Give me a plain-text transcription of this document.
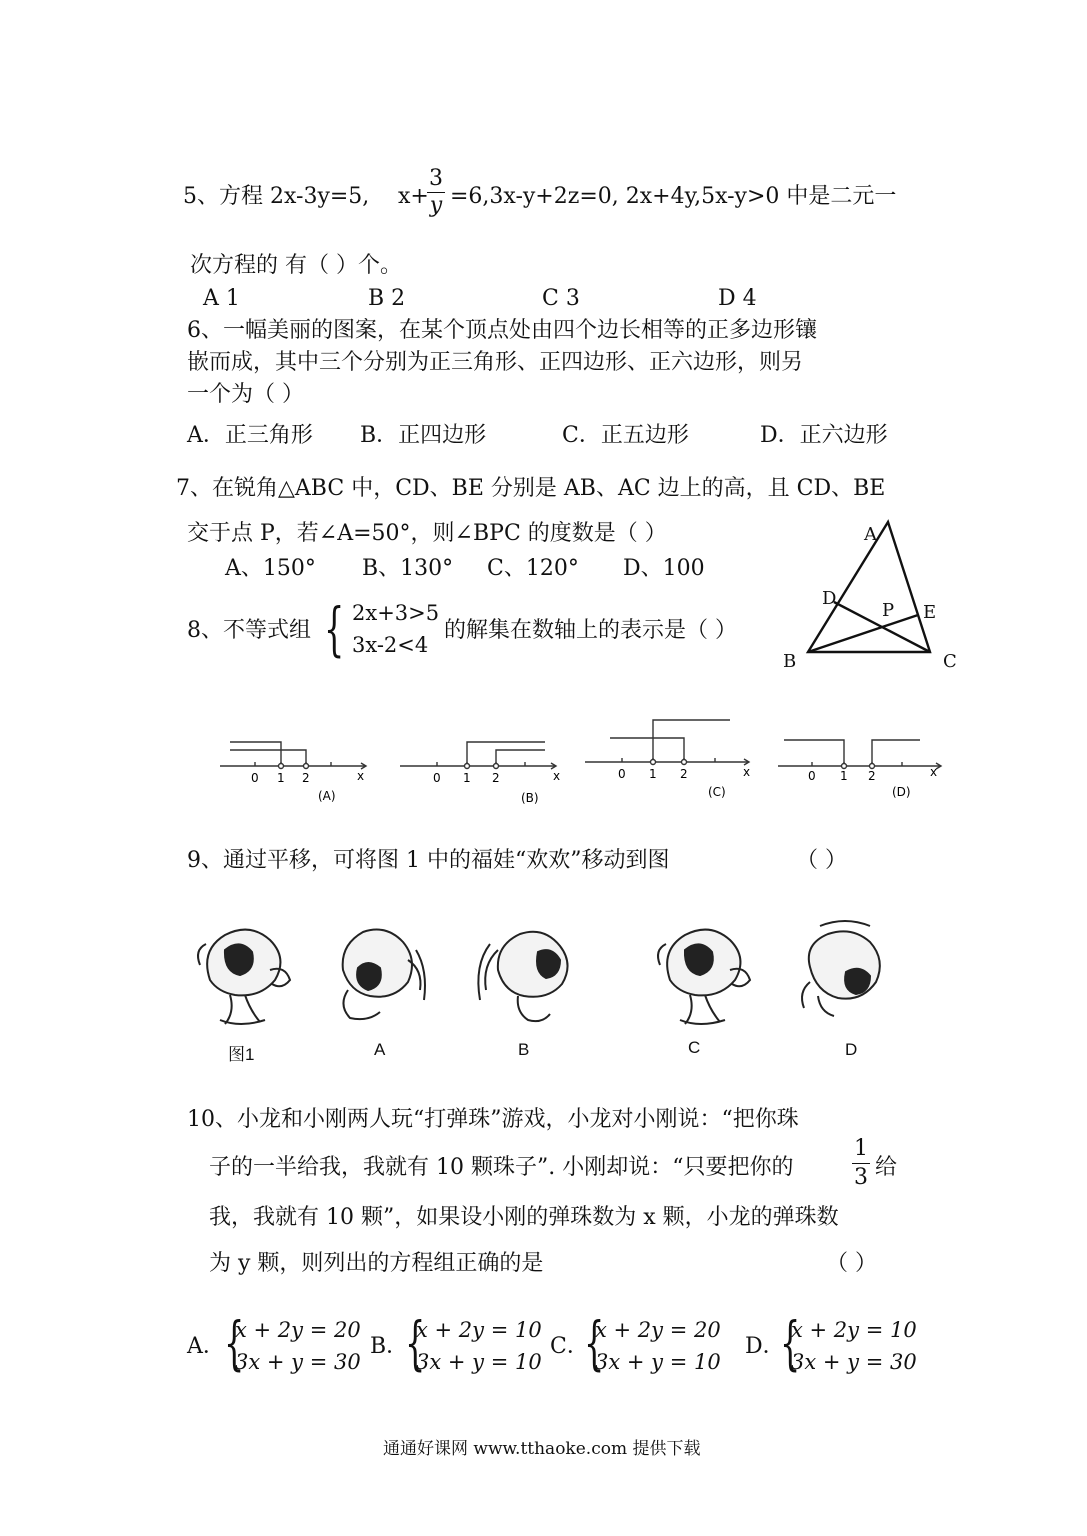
5、方程 2x-3y=5, x+
3
y =6,3x-y+2z=0, 2x+4y,5x-y>0 中是二元一
次方程的 有（ ）个。
A 1	B 2	C 3	D 4
6、一幅美丽的图案，在某个顶点处由四个边长相等的正多边形镶
嵌而成，其中三个分别为正三角形、正四边形、正六边形，则另
一个为（ ）
A．正三角形 B．正四边形	C．正五边形	D．正六边形
7、在锐角△ABC 中，CD、BE 分别是 AB、AC 边上的高，且 CD、BE
交于点 P，若∠A=50°，则∠BPC 的度数是（ ）
A、150° B、130° C、120° D、100
A
D
P E
B	C
8、不等式组 { 2x+3>5
3x-2<4
的解集在数轴上的表示是（ ）
0 1 2	x
(A)
0 1 2	x
(B)
0 1 2	x
(C)
0 1 2	x
(D)
9、通过平移，可将图 1 中的福娃“欢欢”移动到图	（ ）
图1	A	B	C	D
10、小龙和小刚两人玩“打弹珠”游戏，小龙对小刚说：“把你珠
子的一半给我，我就有 10 颗珠子”. 小刚却说：“只要把你的
1
3 给
我，我就有 10 颗”，如果设小刚的弹珠数为 x 颗，小龙的弹珠数
为 y 颗，则列出的方程组正确的是	（ ）
A． {
x + 2y = 20
3x + y = 30
B．
{
x + 2y = 10
3x + y = 10
C．
{
x + 2y = 20
3x + y = 10
D．
{
x + 2y = 10
3x + y = 30
通通好课网 www.tthaoke.com 提供下载
